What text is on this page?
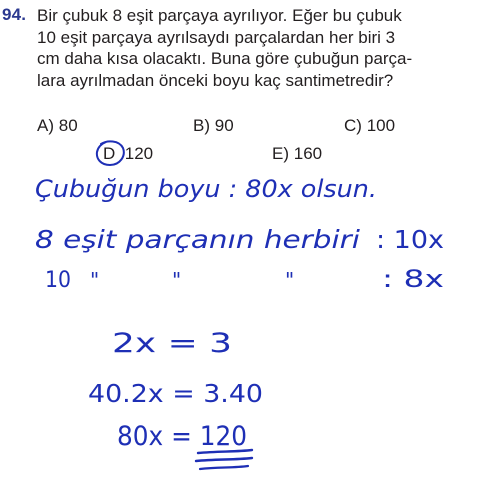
94. Bir çubuk 8 eşit parçaya ayrılıyor. Eğer bu çubuk
10 eşit parçaya ayrılsaydı parçalardan her biri 3
cm daha kısa olacaktı. Buna göre çubuğun parça-
lara ayrılmadan önceki boyu kaç santimetredir?

A) 80	B) 90	C) 100
D 120	E) 160
Çubuğun boyu : 80x olsun.
8 eşit parçanın herbiri : 10x
10 "	"	"	: 8x
2x = 3
40.2x = 3.40
80x = 120
